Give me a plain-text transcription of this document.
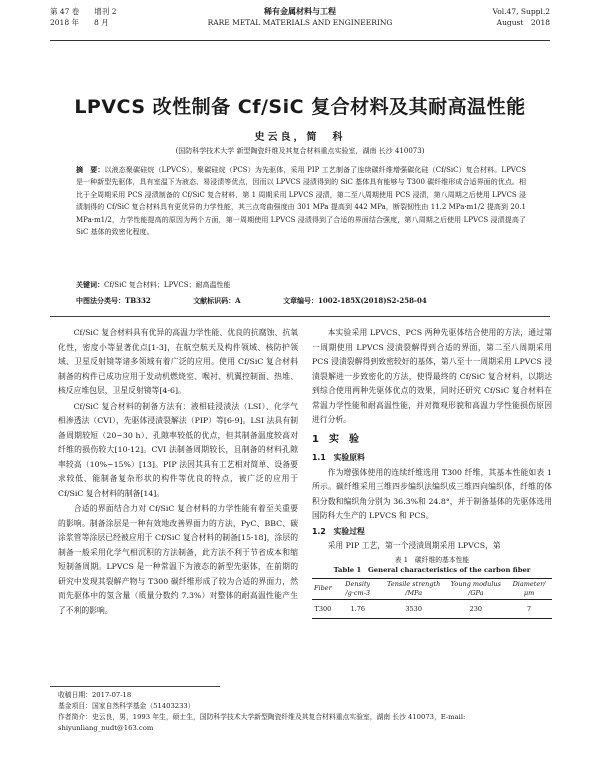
第 47 卷　　增刊 2
2018 年　　8 月
稀有金属材料与工程
RARE METAL MATERIALS AND ENGINEERING
Vol.47, Suppl.2
August　2018
LPVCS 改性制备 Cf/SiC 复合材料及其耐高温性能
史云良，简　科
(国防科学技术大学 新型陶瓷纤维及其复合材料重点实验室，湖南 长沙 410073)
摘　要：以液态聚碳硅烷（LPVCS）、聚碳硅烷（PCS）为先驱体，采用 PIP 工艺制备了连续碳纤维增强碳化硅（Cf/SiC）复合材料。LPVCS 是一种新型先驱体，具有室温下为液态、易浸渍等优点，因而以 LPVCS 浸渍得到的 SiC 基体具有能够与 T300 碳纤维形成合适界面的优点。相比于全周期采用 PCS 浸渍制备的 Cf/SiC 复合材料，第 1 周期采用 LPVCS 浸渍，第二至八周期使用 PCS 浸渍，第八周期之后使用 LPVCS 浸渍制得的 Cf/SiC 复合材料具有更优异的力学性能，其三点弯曲强度由 301 MPa 提高到 442 MPa，断裂韧性由 11.2 MPa·m1/2 提高到 20.1 MPa·m1/2，力学性能提高的原因为两个方面，第一周期使用 LPVCS 浸渍得到了合适的界面结合强度，第八周期之后使用 LPVCS 浸渍提高了 SiC 基体的致密化程度。
关键词：Cf/SiC 复合材料；LPVCS；耐高温性能
中图法分类号：TB332	文献标识码：A	文章编号：1002-185X(2018)S2-258-04

Cf/SiC 复合材料具有优异的高温力学性能、优良的抗腐蚀、抗氧化性，密度小等显著优点[1-3]，在航空航天及构件领域、核防护领域、卫星反射镜等诸多领域有着广泛的应用。使用 Cf/SiC 复合材料制备的构件已成功应用于发动机燃烧室、喉衬、机翼控制面、热堆、核反应堆包层，卫星反射镜等[4-6]。

Cf/SiC 复合材料的制备方法有：液相硅浸渍法（LSI）、化学气相渗透法（CVI），先驱体浸渍裂解法（PIP）等[6-9]。LSI 法具有制备周期较短（20~30 h）、孔隙率较低的优点，但其制备温度较高对纤维的损伤较大[10-12]。CVI 法制备周期较长，且制备的材料孔隙率较高（10%~15%）[13]。PIP 法因其具有工艺相对简单、设备要求较低、能制备复杂形状的构件等优良的特点，被广泛的应用于 Cf/SiC 复合材料的制备[14]。

合适的界面结合力对 Cf/SiC 复合材料的力学性能有着至关重要的影响。制备涂层是一种有效地改善界面力的方法，PyC、BBC、碳涂浆管等涂层已经被应用于 Cf/SiC 复合材料的制备[15-18]，涂层的制备一般采用化学气相沉积的方法制备，此方法不利于节省成本和缩短制备周期。LPVCS 是一种常温下为液态的新型先驱体，在前期的研究中发现其裂解产物与 T300 碳纤维形成了较为合适的界面力，然而先驱体中的氢含量（质量分数约 7.3%）对整体的耐高温性能产生了不利的影响。

本实验采用 LPVCS、PCS 两种先驱体结合使用的方法，通过第一周期使用 LPVCS 浸渍裂解得到合适的界面，第二至八周期采用 PCS 浸渍裂解得到致密较好的基体，第八至十一周期采用 LPVCS 浸渍裂解进一步致密化的方法，使得最终的 Cf/SiC 复合材料，以期达到综合使用两种先驱体优点的效果，同时还研究 Cf/SiC 复合材料在常温力学性能和耐高温性能，并对微观形貌和高温力学性能损伤原因进行分析。

1　实　验
1.1　实验原料

作为增强体使用的连续纤维选用 T300 纤维，其基本性能如表 1 所示。碳纤维采用三维四步编织法编织成三维四向编织体，纤维的体积分数和编织角分别为 36.3%和 24.8°，并于制备基体的先驱体选用国防科大生产的 LPVCS 和 PCS。

1.2　实验过程

采用 PIP 工艺，第一个浸渍周期采用 LPVCS，第

表 1　碳纤维的基本性能
Table 1　General characteristics of the carbon fiber
Fiber	Density /g·cm-3	Tensile strength /MPa	Young modulus /GPa	Diameter/ μm
T300	1.76	3530	230	7
收稿日期：2017-07-18
基金项目：国家自然科学基金（51403233）
作者简介：史云良，男，1993 年生，硕士生，国防科学技术大学新型陶瓷纤维及其复合材料重点实验室，湖南 长沙 410073，E-mail: shiyunliang_nudt@163.com
